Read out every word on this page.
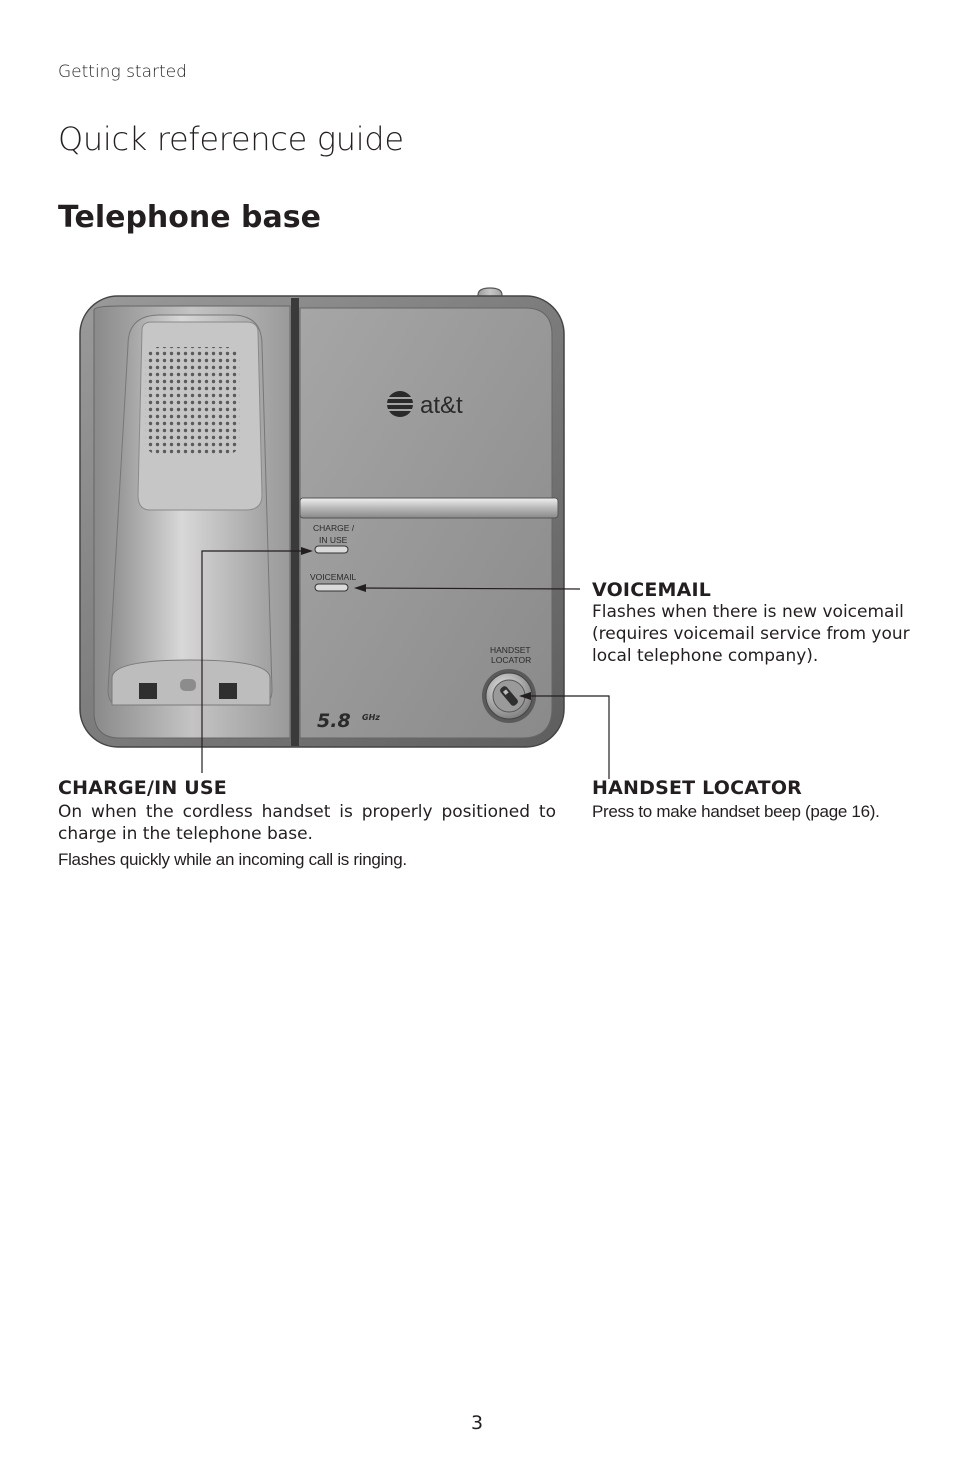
Getting started
Quick reference guide
Telephone base
at&t
CHARGE /
IN USE
VOICEMAIL
HANDSET
LOCATOR
5.8 GHz
VOICEMAIL
Flashes when there is new voicemail
(requires voicemail service from your
local telephone company).
CHARGE/IN USE
On when the cordless handset is properly positioned to
charge in the telephone base.
Flashes quickly while an incoming call is ringing.
HANDSET LOCATOR
Press to make handset beep (page 16).
3
